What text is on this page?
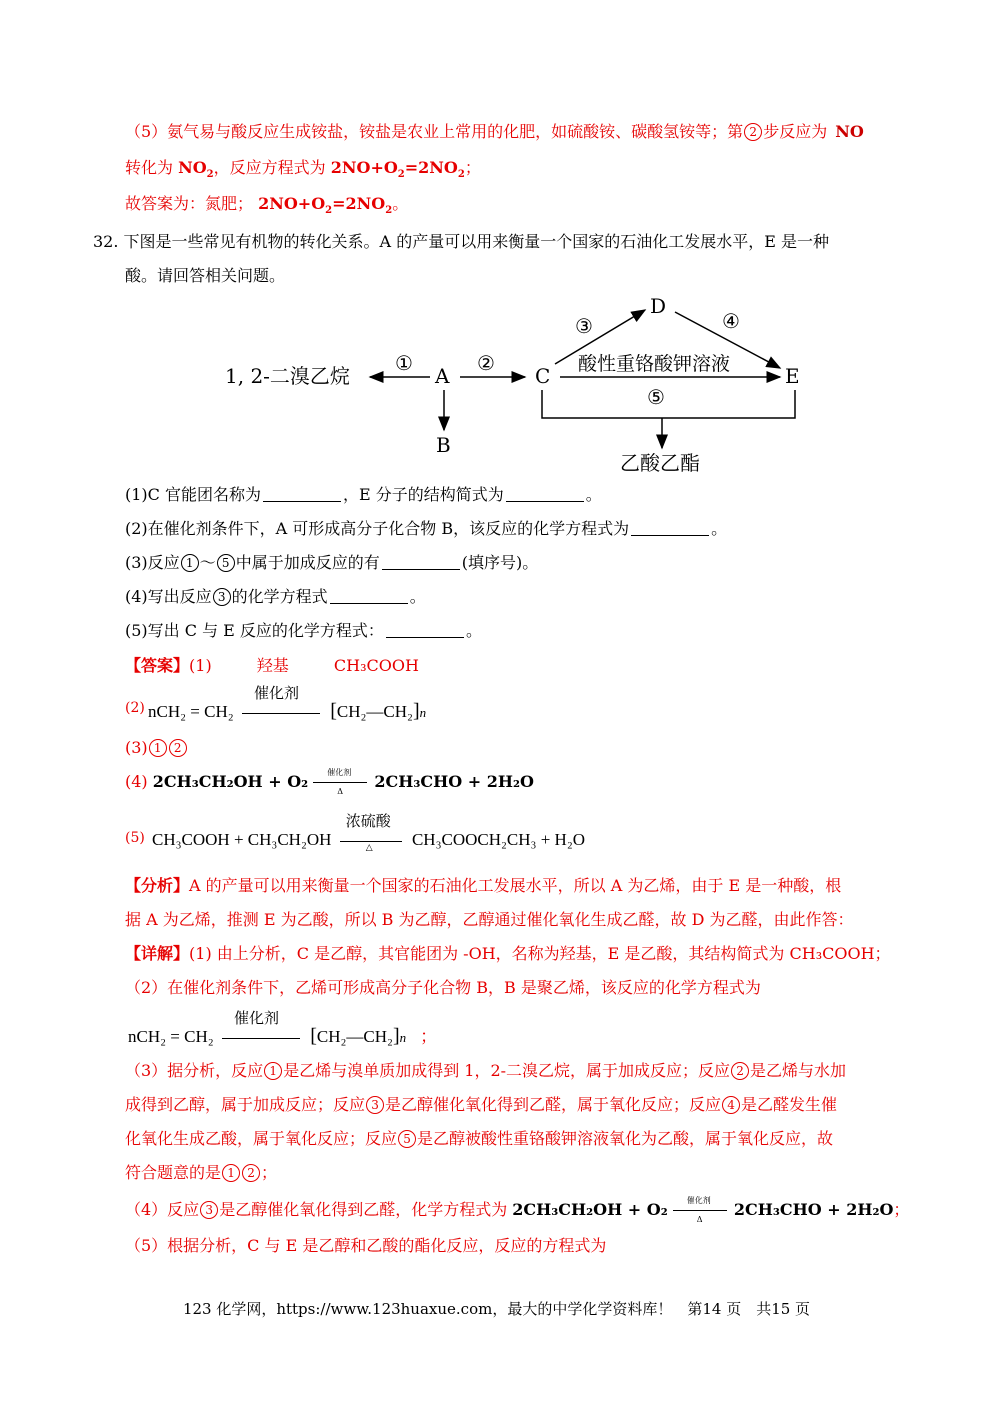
（5）氨气易与酸反应生成铵盐，铵盐是农业上常用的化肥，如硫酸铵、碳酸氢铵等；第 2 步反应为 NO
转化为 $NO_2$，反应方程式为 $2NO+O_2=2NO_2$；
故答案为：氮肥； $2NO+O_2=2NO_2$。
32. 下图是一些常见有机物的转化关系。A 的产量可以用来衡量一个国家的石油化工发展水平，E 是一种
酸。请回答相关问题。
1, 2-二溴乙烷
①
A
②
B
C
③
D
④
酸性重铬酸钾溶液	E
⑤
乙酸乙酯
(1)C 官能团名称为	，E 分子的结构简式为	。
(2)在催化剂条件下，A 可形成高分子化合物 B，该反应的化学方程式为	。
(3)反应 1 ～ 5 中属于加成反应的有	(填序号)。
(4)写出反应 3 的化学方程式	。
(5)写出 C 与 E 反应的化学方程式：	。
【答案】(1)	羟基	CH₃COOH
(2) nCH₂ = CH₂
催化剂
[CH₂—CH₂]n
(3) 1 2
(4) 2CH₃CH₂OH + O₂ 催化剂
Δ
2CH₃CHO + 2H₂O
(5) CH₃COOH + CH₃CH₂OH
浓硫酸
△ CH₃COOCH₂CH₃ + H₂O
【分析】A 的产量可以用来衡量一个国家的石油化工发展水平，所以 A 为乙烯，由于 E 是一种酸，根
据 A 为乙烯，推测 E 为乙酸，所以 B 为乙醇，乙醇通过催化氧化生成乙醛，故 D 为乙醛，由此作答：
【详解】(1) 由上分析，C 是乙醇，其官能团为 -OH，名称为羟基，E 是乙酸，其结构简式为 CH₃COOH；
（2）在催化剂条件下，乙烯可形成高分子化合物 B，B 是聚乙烯，该反应的化学方程式为
nCH₂ = CH₂
催化剂
[CH₂—CH₂]n ；
（3）据分析，反应 1 是乙烯与溴单质加成得到 1，2-二溴乙烷，属于加成反应；反应 2 是乙烯与水加
成得到乙醇，属于加成反应；反应 3 是乙醇催化氧化得到乙醛，属于氧化反应；反应 4 是乙醛发生催
化氧化生成乙酸，属于氧化反应；反应 5 是乙醇被酸性重铬酸钾溶液氧化为乙酸，属于氧化反应，故
符合题意的是 1 2 ；
（4）反应 3 是乙醇催化氧化得到乙醛，化学方程式为 2CH₃CH₂OH + O₂ 催化剂
Δ
2CH₃CHO + 2H₂O；
（5）根据分析，C 与 E 是乙醇和乙酸的酯化反应，反应的方程式为
123 化学网，https://www.123huaxue.com，最大的中学化学资料库！　第14 页　共15 页
